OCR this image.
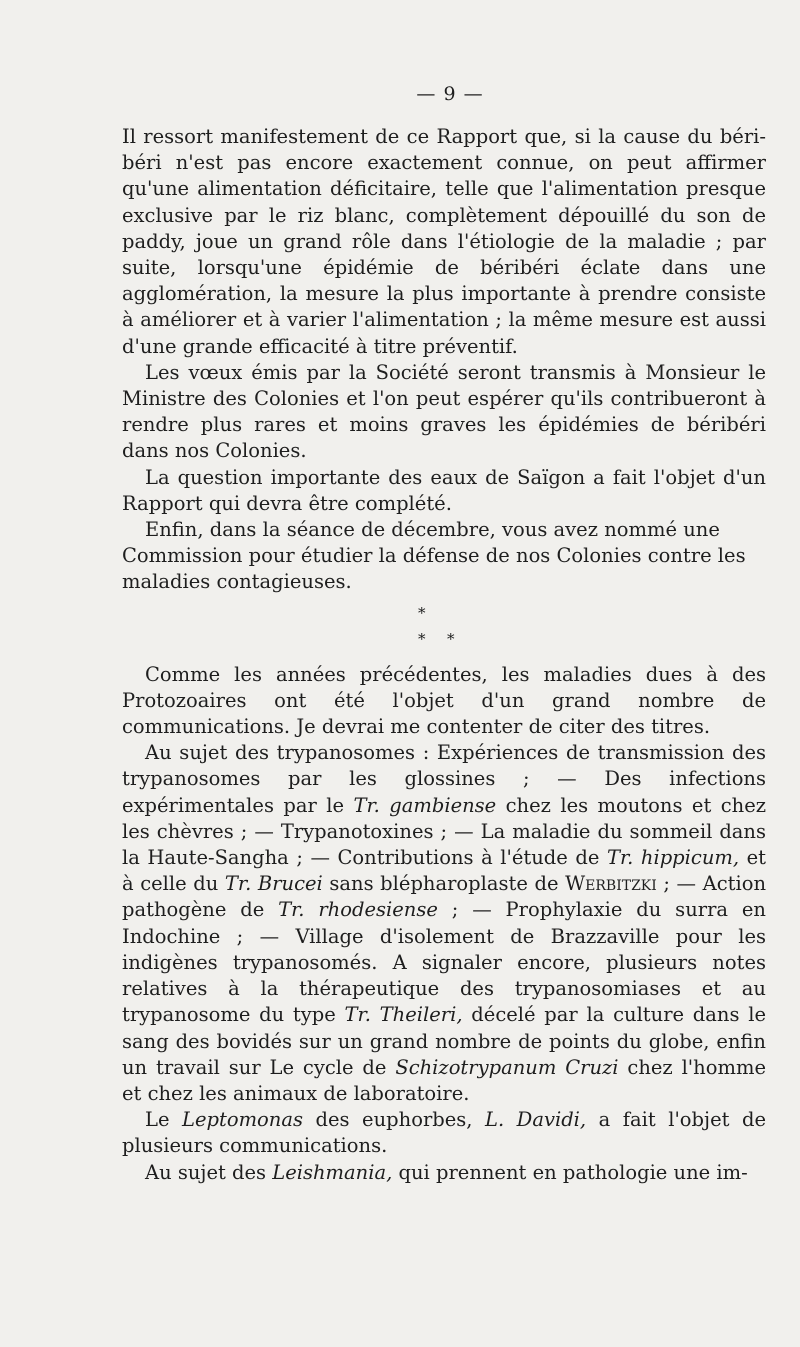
— 9 —

Il ressort manifestement de ce Rapport que, si la cause du béri-béri n'est pas encore exactement connue, on peut affirmer qu'une alimentation déficitaire, telle que l'alimentation presque exclusive par le riz blanc, complètement dépouillé du son de paddy, joue un grand rôle dans l'étiologie de la maladie ; par suite, lorsqu'une épidémie de béribéri éclate dans une agglomération, la mesure la plus importante à prendre consiste à améliorer et à varier l'alimentation ; la même mesure est aussi d'une grande efficacité à titre préventif.

Les vœux émis par la Société seront transmis à Monsieur le Ministre des Colonies et l'on peut espérer qu'ils contribueront à rendre plus rares et moins graves les épidémies de béribéri dans nos Colonies.

La question importante des eaux de Saïgon a fait l'objet d'un Rapport qui devra être complété.

Enfin, dans la séance de décembre, vous avez nommé une Commission pour étudier la défense de nos Colonies contre les maladies contagieuses.

*
* *

Comme les années précédentes, les maladies dues à des Protozoaires ont été l'objet d'un grand nombre de communications. Je devrai me contenter de citer des titres.

Au sujet des trypanosomes : Expériences de transmission des trypanosomes par les glossines ; — Des infections expérimentales par le Tr. gambiense chez les moutons et chez les chèvres ; — Trypanotoxines ; — La maladie du sommeil dans la Haute-Sangha ; — Contributions à l'étude de Tr. hippicum, et à celle du Tr. Brucei sans blépharoplaste de Werbitzki ; — Action pathogène de Tr. rhodesiense ; — Prophylaxie du surra en Indochine ; — Village d'isolement de Brazzaville pour les indigènes trypanosomés. A signaler encore, plusieurs notes relatives à la thérapeutique des trypanosomiases et au trypanosome du type Tr. Theileri, décelé par la culture dans le sang des bovidés sur un grand nombre de points du globe, enfin un travail sur Le cycle de Schizotrypanum Cruzi chez l'homme et chez les animaux de laboratoire.

Le Leptomonas des euphorbes, L. Davidi, a fait l'objet de plusieurs communications.

Au sujet des Leishmania, qui prennent en pathologie une im-
